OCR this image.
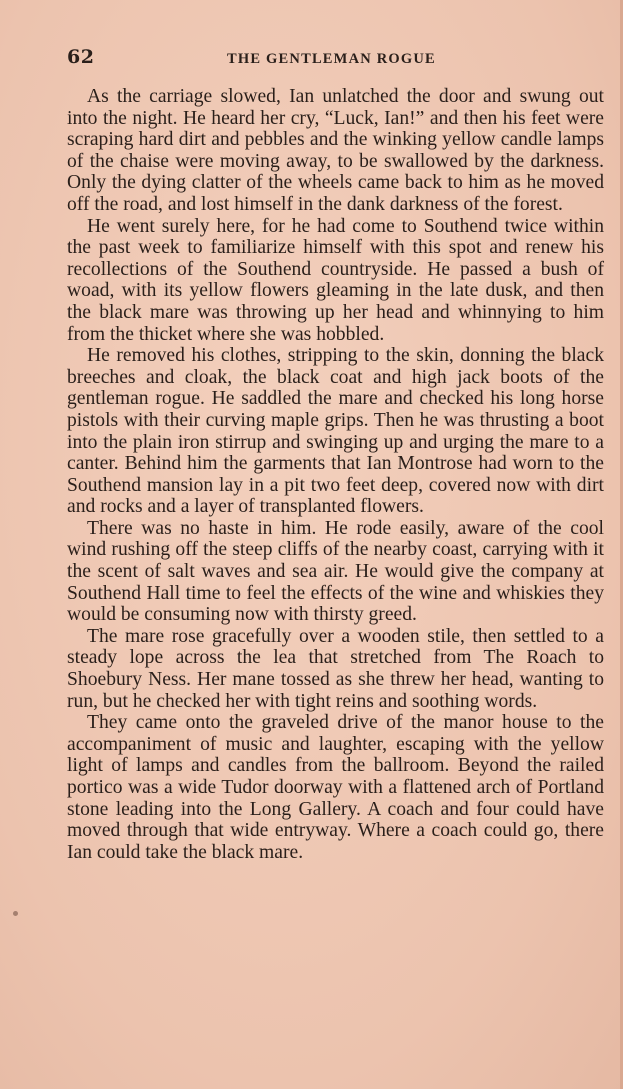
62	THE GENTLEMAN ROGUE

As the carriage slowed, Ian unlatched the door and swung out into the night. He heard her cry, “Luck, Ian!” and then his feet were scraping hard dirt and pebbles and the winking yellow candle lamps of the chaise were moving away, to be swallowed by the darkness. Only the dying clatter of the wheels came back to him as he moved off the road, and lost himself in the dank darkness of the forest.

He went surely here, for he had come to Southend twice within the past week to familiarize himself with this spot and renew his recollections of the Southend countryside. He passed a bush of woad, with its yellow flowers gleaming in the late dusk, and then the black mare was throwing up her head and whinnying to him from the thicket where she was hobbled.

He removed his clothes, stripping to the skin, donning the black breeches and cloak, the black coat and high jack boots of the gentleman rogue. He saddled the mare and checked his long horse pistols with their curving maple grips. Then he was thrusting a boot into the plain iron stirrup and swinging up and urging the mare to a canter. Behind him the garments that Ian Montrose had worn to the Southend mansion lay in a pit two feet deep, covered now with dirt and rocks and a layer of transplanted flowers.

There was no haste in him. He rode easily, aware of the cool wind rushing off the steep cliffs of the nearby coast, carrying with it the scent of salt waves and sea air. He would give the company at Southend Hall time to feel the effects of the wine and whiskies they would be consuming now with thirsty greed.

The mare rose gracefully over a wooden stile, then settled to a steady lope across the lea that stretched from The Roach to Shoebury Ness. Her mane tossed as she threw her head, wanting to run, but he checked her with tight reins and soothing words.

They came onto the graveled drive of the manor house to the accompaniment of music and laughter, escaping with the yellow light of lamps and candles from the ballroom. Beyond the railed portico was a wide Tudor doorway with a flattened arch of Portland stone leading into the Long Gallery. A coach and four could have moved through that wide entryway. Where a coach could go, there Ian could take the black mare.
